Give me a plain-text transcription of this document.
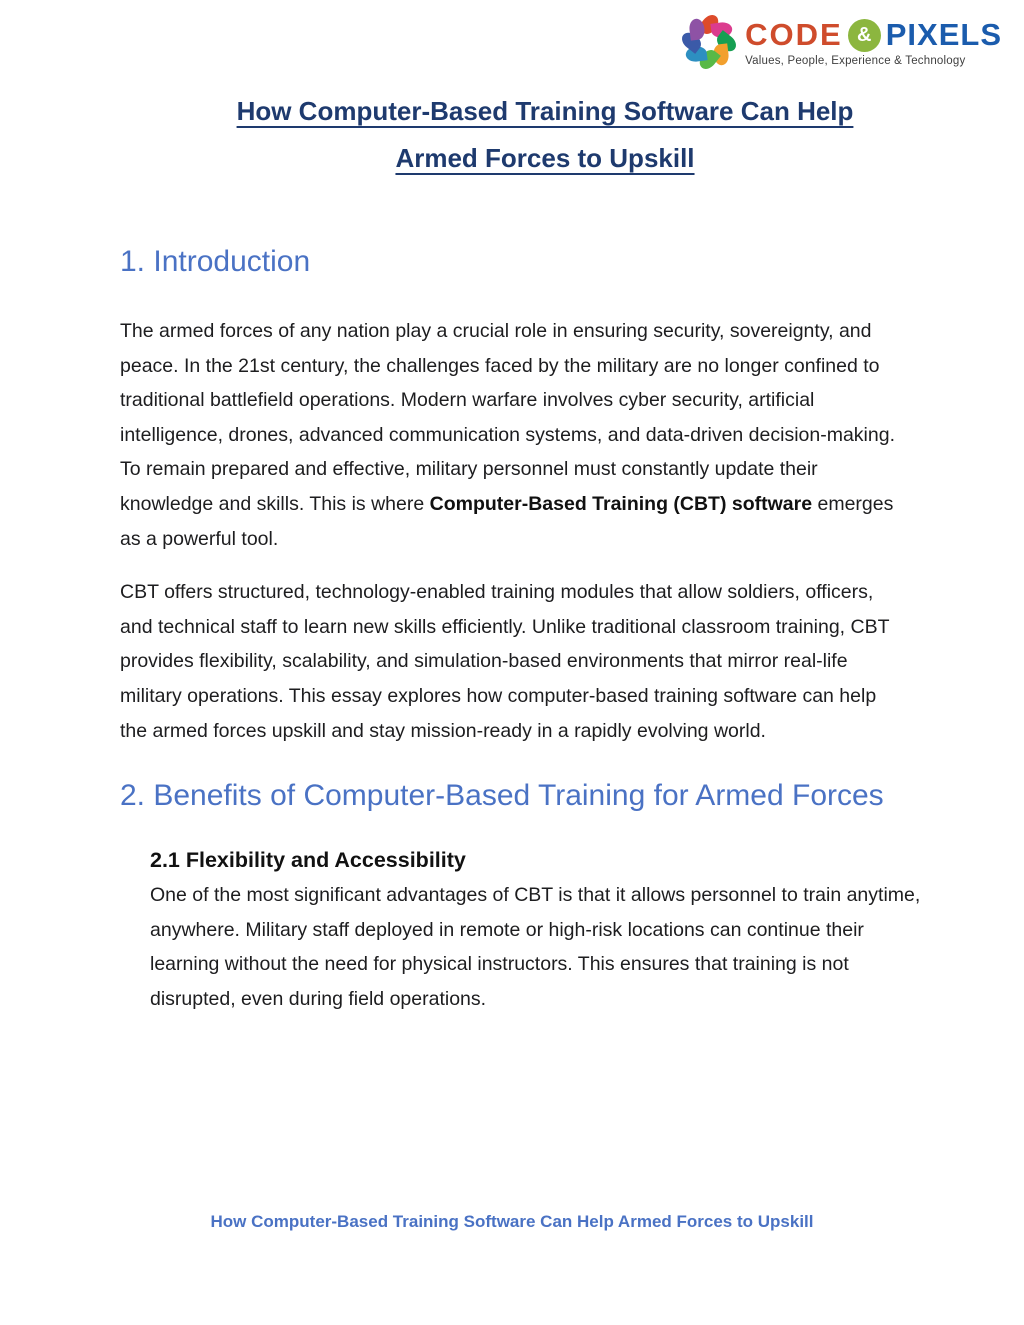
CODE & PIXELS
Values, People, Experience & Technology
How Computer-Based Training Software Can Help
Armed Forces to Upskill
1. Introduction

The armed forces of any nation play a crucial role in ensuring security, sovereignty, and peace. In the 21st century, the challenges faced by the military are no longer confined to traditional battlefield operations. Modern warfare involves cyber security, artificial intelligence, drones, advanced communication systems, and data-driven decision-making. To remain prepared and effective, military personnel must constantly update their knowledge and skills. This is where Computer-Based Training (CBT) software emerges as a powerful tool.

CBT offers structured, technology-enabled training modules that allow soldiers, officers, and technical staff to learn new skills efficiently. Unlike traditional classroom training, CBT provides flexibility, scalability, and simulation-based environments that mirror real-life military operations. This essay explores how computer-based training software can help the armed forces upskill and stay mission-ready in a rapidly evolving world.

2. Benefits of Computer-Based Training for Armed Forces
2.1 Flexibility and Accessibility

One of the most significant advantages of CBT is that it allows personnel to train anytime, anywhere. Military staff deployed in remote or high-risk locations can continue their learning without the need for physical instructors. This ensures that training is not disrupted, even during field operations.

How Computer-Based Training Software Can Help Armed Forces to Upskill
